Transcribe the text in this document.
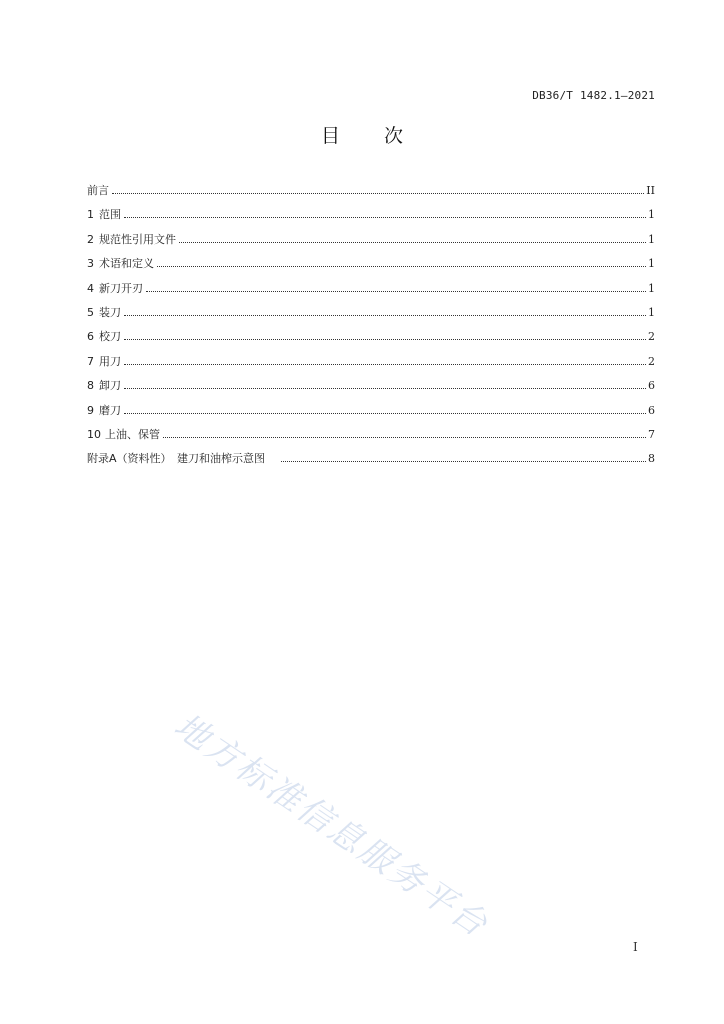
DB36/T 1482.1—2021
目 次
前言	II
1 范围	1
2 规范性引用文件	1
3 术语和定义	1
4 新刀开刃	1
5 装刀	1
6 校刀	2
7 用刀	2
8 卸刀	6
9 磨刀	6
10 上油、保管	7
附录A（资料性）　建刀和油榨示意图	8
地方标准信息服务平台
I
